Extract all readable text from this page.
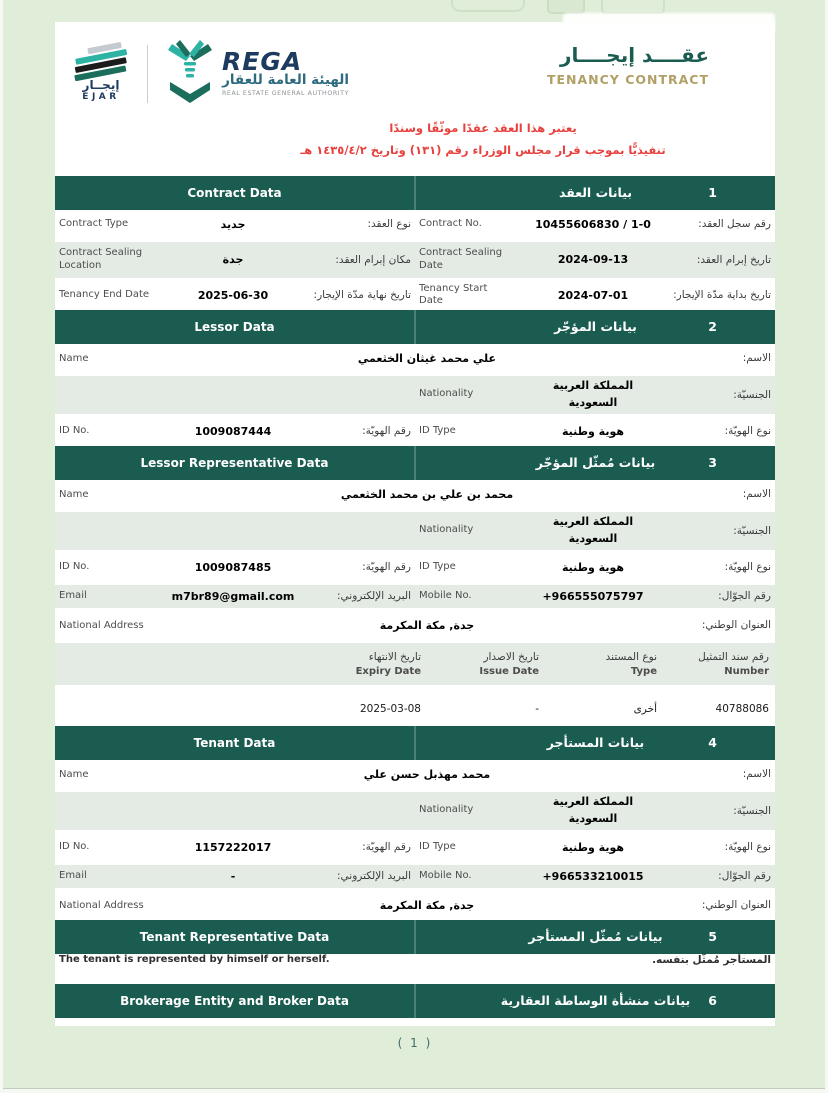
إيجــار
EJAR
REGA
الهيئة العامة للعقار
REAL ESTATE GENERAL AUTHORITY
عقــــد إيجــــار
TENANCY CONTRACT
يعتبر هذا العقد عقدًا موثّقًا وسندًا
تنفيذيًّا بموجب قرار مجلس الوزراء رقم (١٣١) وتاريخ ١٤٣٥/٤/٢ هـ
1
بيانات العقد
Contract Data
رقم سجل العقد:
10455606830 / 1-0
Contract No.
نوع العقد:
جديد
Contract Type
تاريخ إبرام العقد:
2024-09-13
Contract Sealing Date
مكان إبرام العقد:
جدة
Contract Sealing Location
تاريخ بداية مدّة الإيجار:
2024-07-01
Tenancy Start Date
تاريخ نهاية مدّة الإيجار:
2025-06-30
Tenancy End Date
2
بيانات المؤجّر
Lessor Data
الاسم:
علي محمد غيثان الخثعمي
Name
الجنسيّة:
المملكة العربية السعودية
Nationality
نوع الهويّة:
هوية وطنية
ID Type
رقم الهويّة:
1009087444
ID No.
3
بيانات مُمثّل المؤجّر
Lessor Representative Data
الاسم:
محمد بن علي بن محمد الخثعمي
Name
الجنسيّة:
المملكة العربية السعودية
Nationality
نوع الهويّة:
هوية وطنية
ID Type
رقم الهويّة:
1009087485
ID No.
رقم الجوّال:
+966555075797
Mobile No.
البريد الإلكتروني:
m7br89@gmail.com
Email
العنوان الوطني:
جدة, مكة المكرمة
National Address
رقم سند التمثيل
Number
نوع المستند
Type
تاريخ الاصدار
Issue Date
تاريخ الانتهاء
Expiry Date
40788086
أخرى
-
2025-03-08
4
بيانات المستأجر
Tenant Data
الاسم:
محمد مهذبل حسن علي
Name
الجنسيّة:
المملكة العربية السعودية
Nationality
نوع الهويّة:
هوية وطنية
ID Type
رقم الهويّة:
1157222017
ID No.
رقم الجوّال:
+966533210015
Mobile No.
البريد الإلكتروني:
-
Email
العنوان الوطني:
جدة, مكة المكرمة
National Address
5
بيانات مُمثّل المستأجر
Tenant Representative Data
المستأجر مُمثّل بنفسه.
The tenant is represented by himself or herself.
6
بيانات منشأة الوساطة العقارية
Brokerage Entity and Broker Data
( 1 )
